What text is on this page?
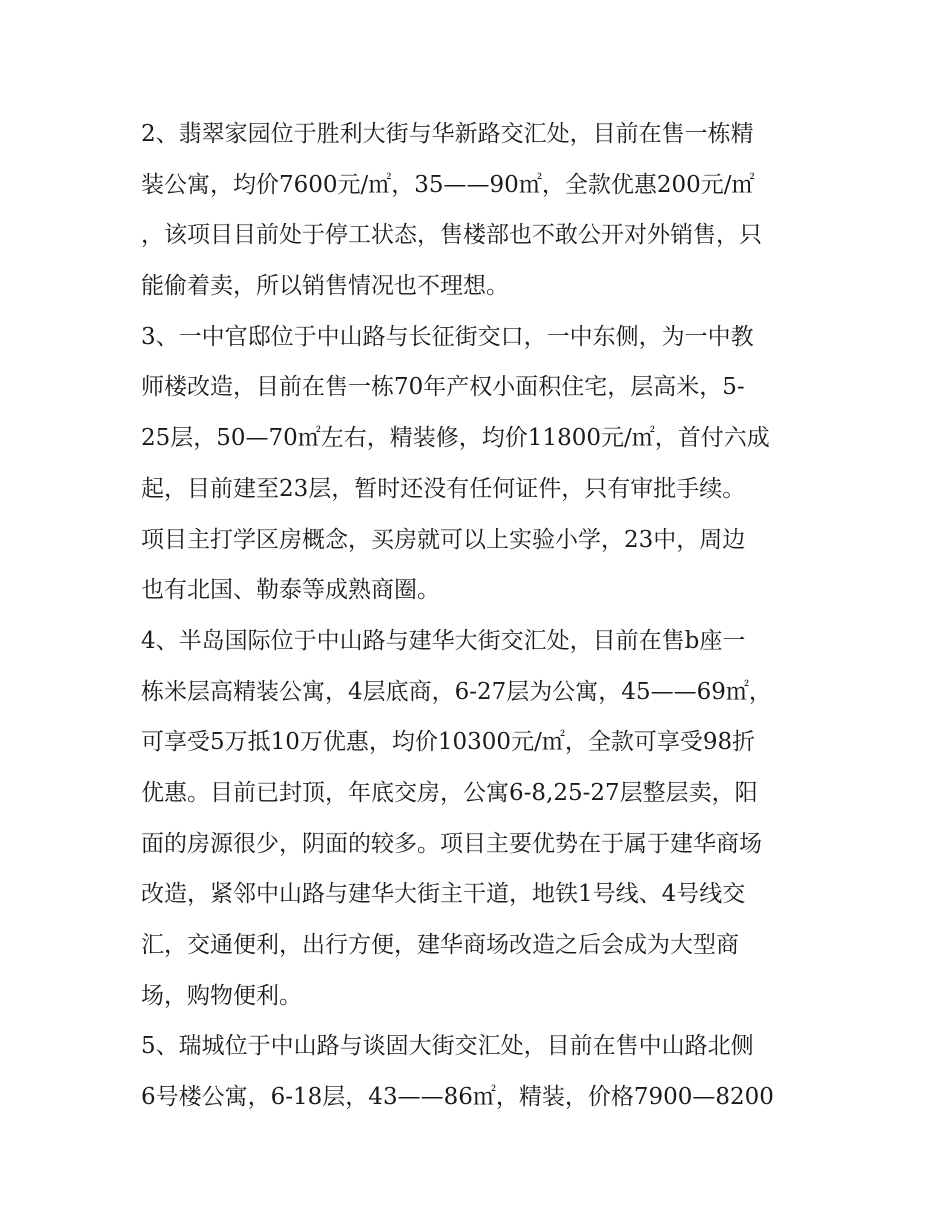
2、翡翠家园位于胜利大街与华新路交汇处，目前在售一栋精
装公寓，均价7600元/㎡，35——90㎡，全款优惠200元/㎡
，该项目目前处于停工状态，售楼部也不敢公开对外销售，只
能偷着卖，所以销售情况也不理想。
3、一中官邸位于中山路与长征街交口，一中东侧，为一中教
师楼改造，目前在售一栋70年产权小面积住宅，层高米，5-
25层，50—70㎡左右，精装修，均价11800元/㎡，首付六成
起，目前建至23层，暂时还没有任何证件，只有审批手续。
项目主打学区房概念，买房就可以上实验小学，23中，周边
也有北国、勒泰等成熟商圈。
4、半岛国际位于中山路与建华大街交汇处，目前在售b座一
栋米层高精装公寓，4层底商，6-27层为公寓，45——69㎡，
可享受5万抵10万优惠，均价10300元/㎡，全款可享受98折
优惠。目前已封顶，年底交房，公寓6-8,25-27层整层卖，阳
面的房源很少，阴面的较多。项目主要优势在于属于建华商场
改造，紧邻中山路与建华大街主干道，地铁1号线、4号线交
汇，交通便利，出行方便，建华商场改造之后会成为大型商
场，购物便利。
5、瑞城位于中山路与谈固大街交汇处，目前在售中山路北侧
6号楼公寓，6-18层，43——86㎡，精装，价格7900—8200
